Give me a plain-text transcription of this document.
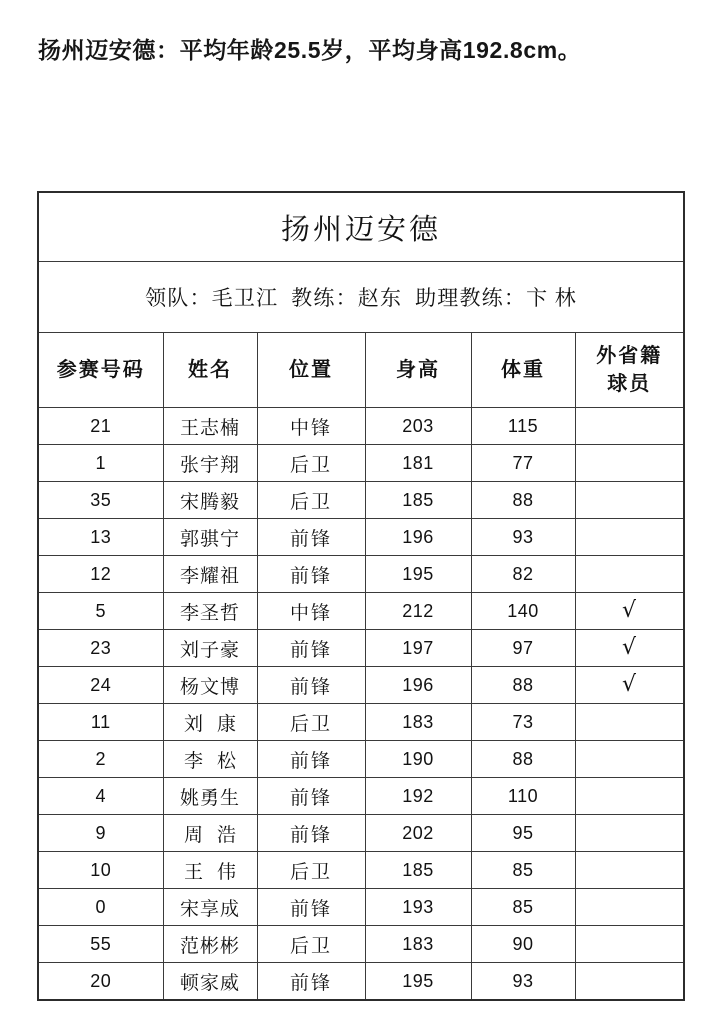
扬州迈安德：平均年龄25.5岁，平均身高192.8cm。
扬州迈安德					
领队：毛卫江  教练：赵东  助理教练：卞 林					
参赛号码	姓名	位置	身高	体重	外省籍
球员

21	王志楠	中锋	203	115	
1	张宇翔	后卫	181	77	
35	宋腾毅	后卫	185	88	
13	郭骐宁	前锋	196	93	
12	李耀祖	前锋	195	82	
5	李圣哲	中锋	212	140	√
23	刘子豪	前锋	197	97	√
24	杨文博	前锋	196	88	√
11	刘康	后卫	183	73	
2	李松	前锋	190	88	
4	姚勇生	前锋	192	110	
9	周浩	前锋	202	95	
10	王伟	后卫	185	85	
0	宋享成	前锋	193	85	
55	范彬彬	后卫	183	90	
20	顿家威	前锋	195	93	
